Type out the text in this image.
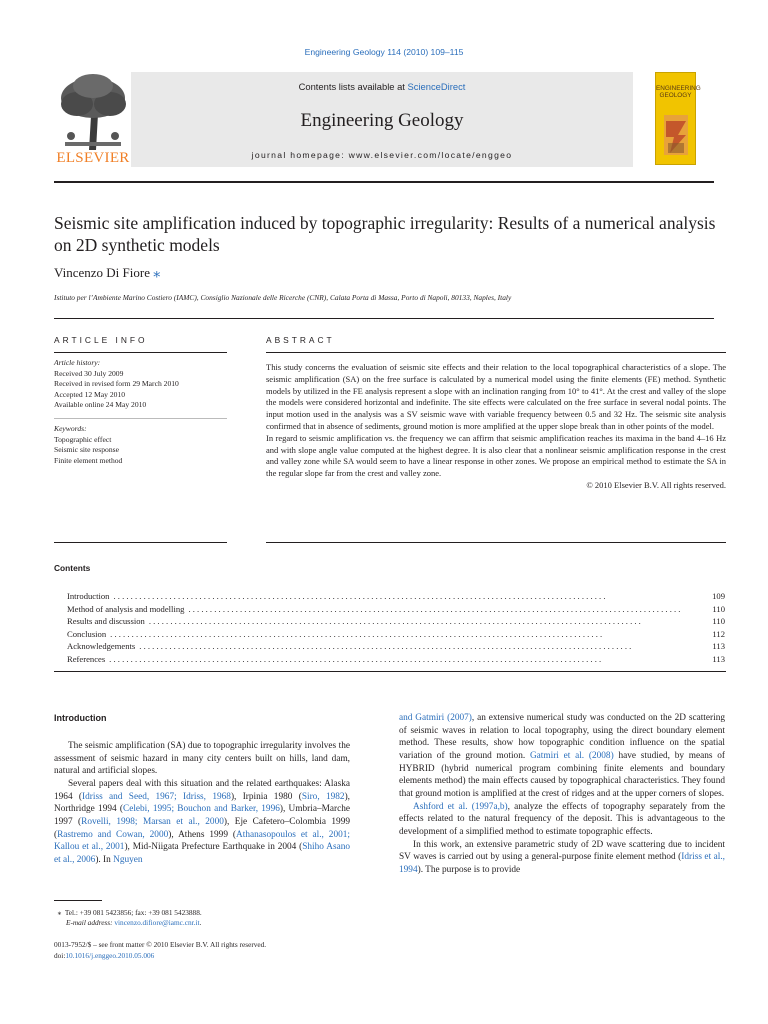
Engineering Geology 114 (2010) 109–115
ELSEVIER
Contents lists available at ScienceDirect
Engineering Geology
journal homepage: www.elsevier.com/locate/enggeo
ENGINEERING
GEOLOGY
Seismic site amplification induced by topographic irregularity: Results of a numerical analysis on 2D synthetic models
Vincenzo Di Fiore ⁎
Istituto per l’Ambiente Marino Costiero (IAMC), Consiglio Nazionale delle Ricerche (CNR), Calata Porta di Massa, Porto di Napoli, 80133, Naples, Italy
ARTICLE INFO
Article history:
Received 30 July 2009
Received in revised form 29 March 2010
Accepted 12 May 2010
Available online 24 May 2010
Keywords:
Topographic effect
Seismic site response
Finite element method
ABSTRACT

This study concerns the evaluation of seismic site effects and their relation to the local topographical characteristics of a slope. The seismic amplification (SA) on the free surface is calculated by a numerical model using the finite elements (FE) method. Synthetic models by utilized in the FE analysis represent a slope with an inclination ranging from 10° to 41°. At the crest and valley of the slope the models were considered horizontal and indefinite. The site effects were calculated on the free surface in several nodal points. The input motion used in the analysis was a SV seismic wave with variable frequency between 0.5 and 32 Hz. The seismic site analysis confirmed that in absence of sediments, ground motion is more amplified at the upper slope break than in other points of the model.

In regard to seismic amplification vs. the frequency we can affirm that seismic amplification reaches its maxima in the band 4–16 Hz and with slope angle value computed at the highest degree. It is also clear that a nonlinear seismic amplification response in the crest and valley zone while SA would seem to have a linear response in other zones. We propose an empirical method to estimate the SA in the regular slope far from the crest and valley zone.

© 2010 Elsevier B.V. All rights reserved.

Contents
Introduction . . .	109
Method of analysis and modelling . . .	110
Results and discussion . . .	110
Conclusion . . .	112
Acknowledgements . . .	113
References . . .	113
Introduction

The seismic amplification (SA) due to topographic irregularity involves the assessment of seismic hazard in many city centers built on hills, land dam, natural and artificial slopes.

Several papers deal with this situation and the related earthquakes: Alaska 1964 (Idriss and Seed, 1967; Idriss, 1968), Irpinia 1980 (Siro, 1982), Northridge 1994 (Celebi, 1995; Bouchon and Barker, 1996), Umbria–Marche 1997 (Rovelli, 1998; Marsan et al., 2000), Eje Cafetero–Colombia 1999 (Rastremo and Cowan, 2000), Athens 1999 (Athanasopoulos et al., 2001; Kallou et al., 2001), Mid-Niigata Prefecture Earthquake in 2004 (Shiho Asano et al., 2006). In Nguyen

and Gatmiri (2007), an extensive numerical study was conducted on the 2D scattering of seismic waves in relation to local topography, using the direct boundary element method. These results, show how topographic condition influence on the spatial variation of the ground motion. Gatmiri et al. (2008) have studied, by means of HYBRID (hybrid numerical program combining finite elements and boundary elements method) the main effects caused by topographical characteristics. They found that ground motion is amplified at the crest of ridges and at the upper corners of slopes.

Ashford et al. (1997a,b), analyze the effects of topography separately from the effects related to the natural frequency of the deposit. This is advantageous to the development of a simplified method to estimate topographic effects.

In this work, an extensive parametric study of 2D wave scattering due to incident SV waves is carried out by using a general-purpose finite element method (Idriss et al., 1994). The purpose is to provide

⁎ Tel.: +39 081 5423856; fax: +39 081 5423888.
E-mail address: vincenzo.difiore@iamc.cnr.it.
0013-7952/$ – see front matter © 2010 Elsevier B.V. All rights reserved.
doi:10.1016/j.enggeo.2010.05.006
